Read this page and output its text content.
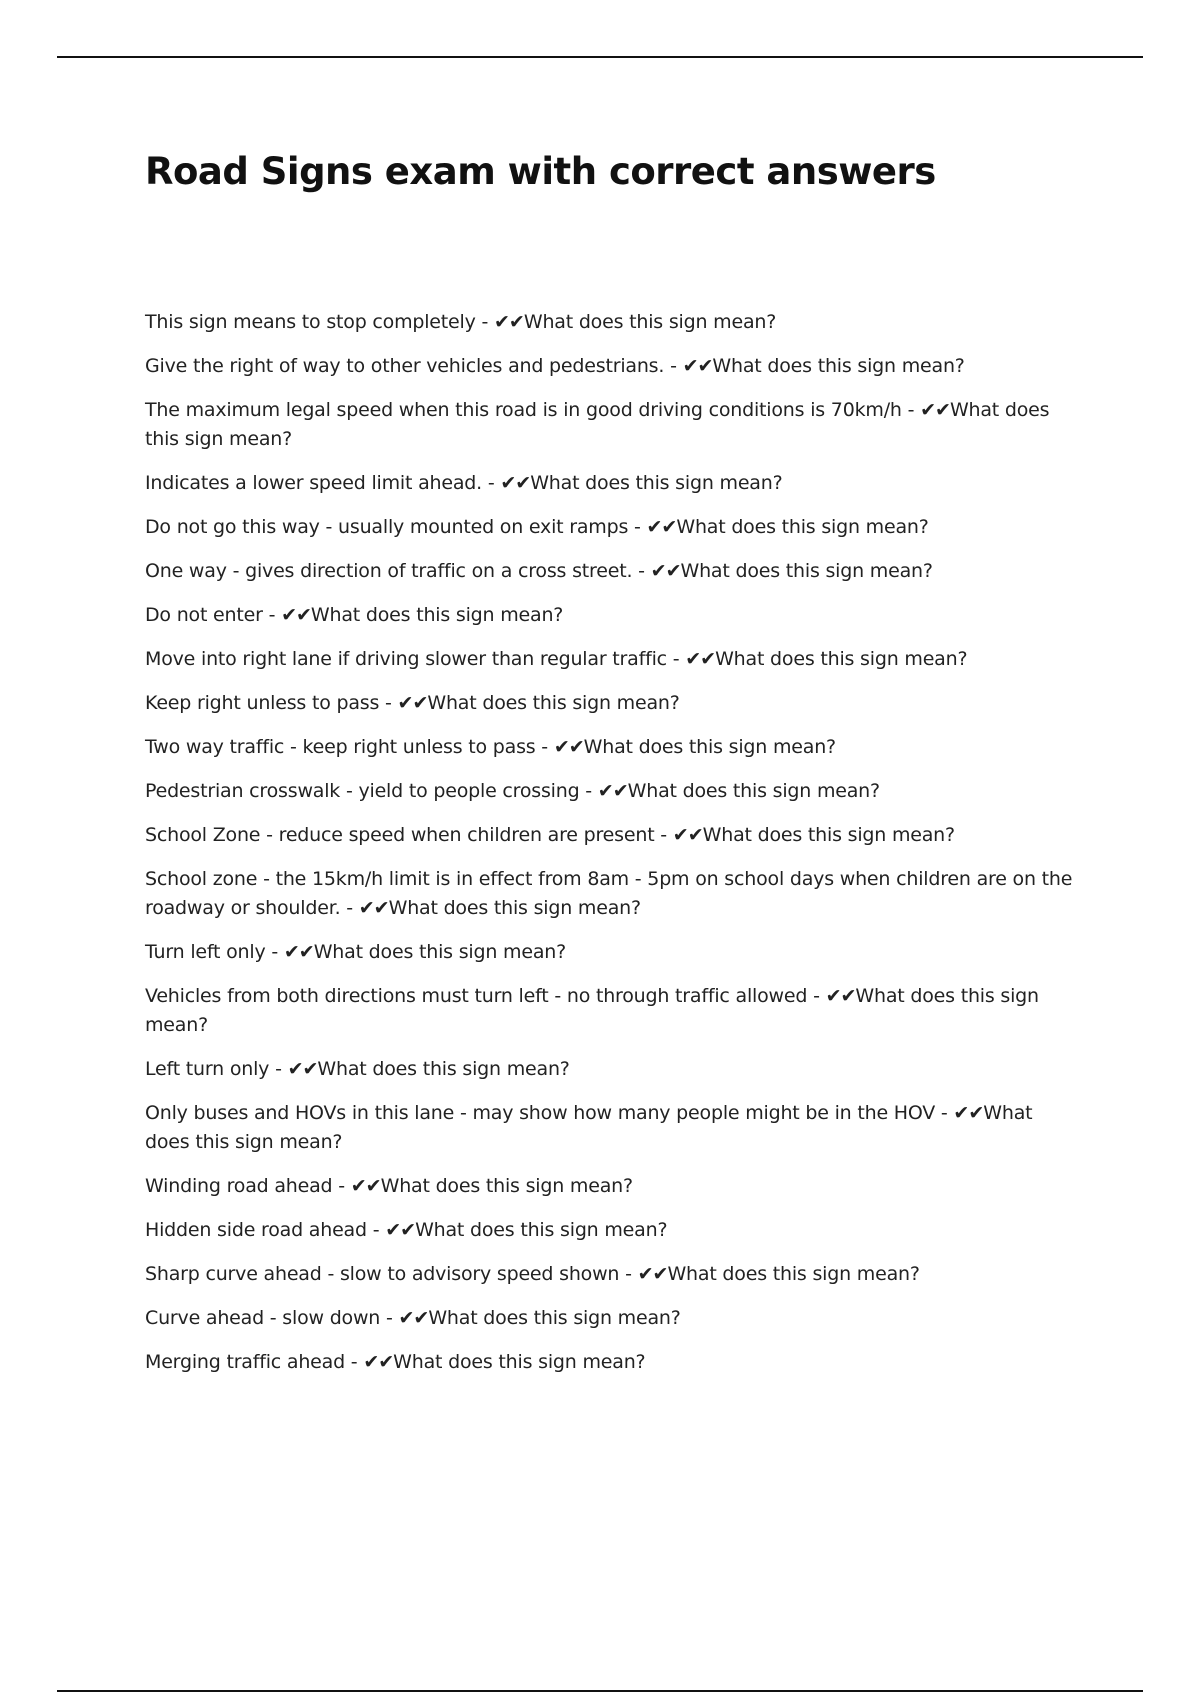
Road Signs exam with correct answers
This sign means to stop completely - ✔✔What does this sign mean?
Give the right of way to other vehicles and pedestrians. - ✔✔What does this sign mean?
The maximum legal speed when this road is in good driving conditions is 70km/h - ✔✔What does this sign mean?
Indicates a lower speed limit ahead. - ✔✔What does this sign mean?
Do not go this way - usually mounted on exit ramps - ✔✔What does this sign mean?
One way - gives direction of traffic on a cross street. - ✔✔What does this sign mean?
Do not enter - ✔✔What does this sign mean?
Move into right lane if driving slower than regular traffic - ✔✔What does this sign mean?
Keep right unless to pass - ✔✔What does this sign mean?
Two way traffic - keep right unless to pass - ✔✔What does this sign mean?
Pedestrian crosswalk - yield to people crossing - ✔✔What does this sign mean?
School Zone - reduce speed when children are present - ✔✔What does this sign mean?
School zone - the 15km/h limit is in effect from 8am - 5pm on school days when children are on the roadway or shoulder. - ✔✔What does this sign mean?
Turn left only - ✔✔What does this sign mean?
Vehicles from both directions must turn left - no through traffic allowed - ✔✔What does this sign mean?
Left turn only - ✔✔What does this sign mean?
Only buses and HOVs in this lane - may show how many people might be in the HOV - ✔✔What does this sign mean?
Winding road ahead - ✔✔What does this sign mean?
Hidden side road ahead - ✔✔What does this sign mean?
Sharp curve ahead - slow to advisory speed shown - ✔✔What does this sign mean?
Curve ahead - slow down - ✔✔What does this sign mean?
Merging traffic ahead - ✔✔What does this sign mean?
